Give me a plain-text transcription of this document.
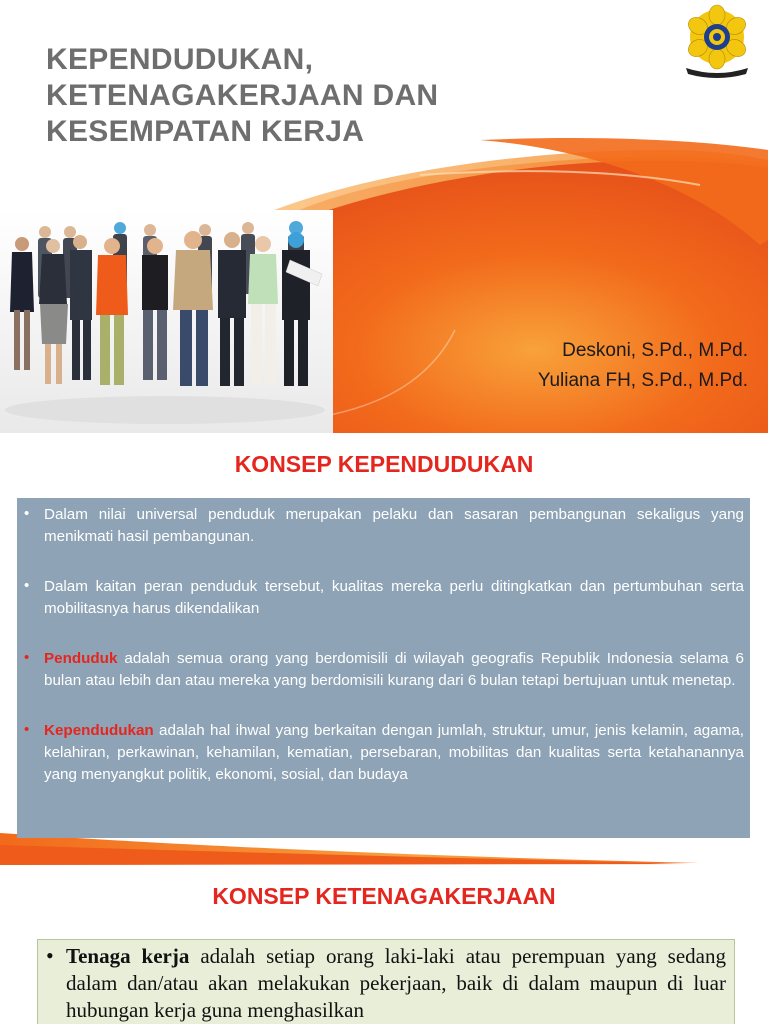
KEPENDUDUKAN,
KETENAGAKERJAAN DAN
KESEMPATAN KERJA
Deskoni, S.Pd., M.Pd.
Yuliana FH, S.Pd., M.Pd.
KONSEP KEPENDUDUKAN
• Dalam nilai universal penduduk merupakan pelaku dan sasaran pembangunan sekaligus yang menikmati hasil pembangunan.
• Dalam kaitan peran penduduk tersebut, kualitas mereka perlu ditingkatkan dan pertumbuhan serta mobilitasnya harus dikendalikan
• Penduduk adalah semua orang yang berdomisili di wilayah geografis Republik Indonesia selama 6 bulan atau lebih dan atau mereka yang berdomisili kurang dari 6 bulan tetapi bertujuan untuk menetap.
• Kependudukan adalah hal ihwal yang berkaitan dengan jumlah, struktur, umur, jenis kelamin, agama, kelahiran, perkawinan, kehamilan, kematian, persebaran, mobilitas dan kualitas serta ketahanannya yang menyangkut politik, ekonomi, sosial, dan budaya
KONSEP KETENAGAKERJAAN

• Tenaga kerja adalah setiap orang laki-laki atau perempuan yang sedang dalam dan/atau akan melakukan pekerjaan, baik di dalam maupun di luar hubungan kerja guna menghasilkan
